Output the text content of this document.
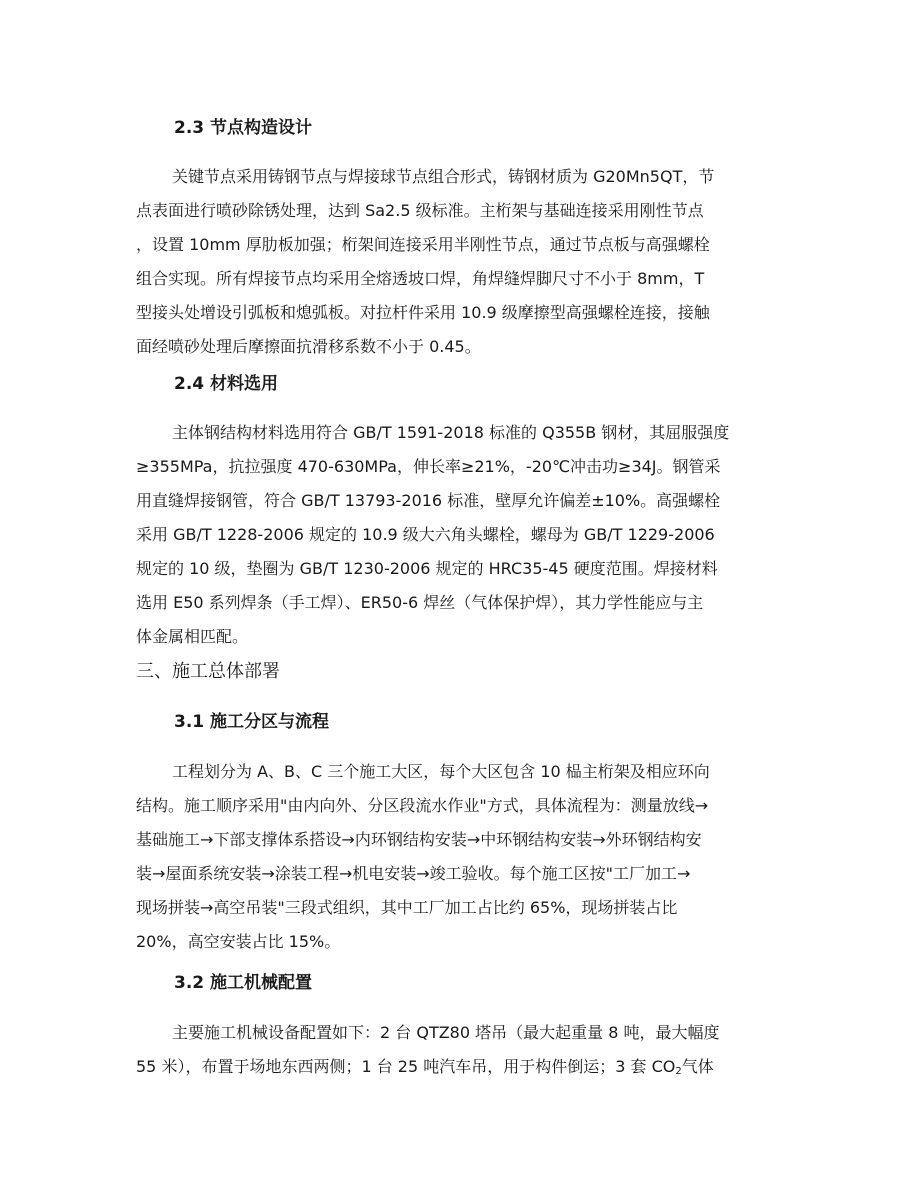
2.3 节点构造设计
关键节点采用铸钢节点与焊接球节点组合形式，铸钢材质为 G20Mn5QT，节
点表面进行喷砂除锈处理，达到 Sa2.5 级标准。主桁架与基础连接采用刚性节点
，设置 10mm 厚肋板加强；桁架间连接采用半刚性节点，通过节点板与高强螺栓
组合实现。所有焊接节点均采用全熔透坡口焊，角焊缝焊脚尺寸不小于 8mm，T
型接头处增设引弧板和熄弧板。对拉杆件采用 10.9 级摩擦型高强螺栓连接，接触
面经喷砂处理后摩擦面抗滑移系数不小于 0.45。
2.4 材料选用
主体钢结构材料选用符合 GB/T 1591-2018 标准的 Q355B 钢材，其屈服强度
≥355MPa，抗拉强度 470-630MPa，伸长率≥21%，-20℃冲击功≥34J。钢管采
用直缝焊接钢管，符合 GB/T 13793-2016 标准，壁厚允许偏差±10%。高强螺栓
采用 GB/T 1228-2006 规定的 10.9 级大六角头螺栓，螺母为 GB/T 1229-2006
规定的 10 级，垫圈为 GB/T 1230-2006 规定的 HRC35-45 硬度范围。焊接材料
选用 E50 系列焊条（手工焊）、ER50-6 焊丝（气体保护焊），其力学性能应与主
体金属相匹配。
三、施工总体部署
3.1 施工分区与流程
工程划分为 A、B、C 三个施工大区，每个大区包含 10 榀主桁架及相应环向
结构。施工顺序采用"由内向外、分区段流水作业"方式，具体流程为：测量放线→
基础施工→下部支撑体系搭设→内环钢结构安装→中环钢结构安装→外环钢结构安
装→屋面系统安装→涂装工程→机电安装→竣工验收。每个施工区按"工厂加工→
现场拼装→高空吊装"三段式组织，其中工厂加工占比约 65%，现场拼装占比
20%，高空安装占比 15%。
3.2 施工机械配置
主要施工机械设备配置如下：2 台 QTZ80 塔吊（最大起重量 8 吨，最大幅度
55 米），布置于场地东西两侧；1 台 25 吨汽车吊，用于构件倒运；3 套 $CO_2$气体
